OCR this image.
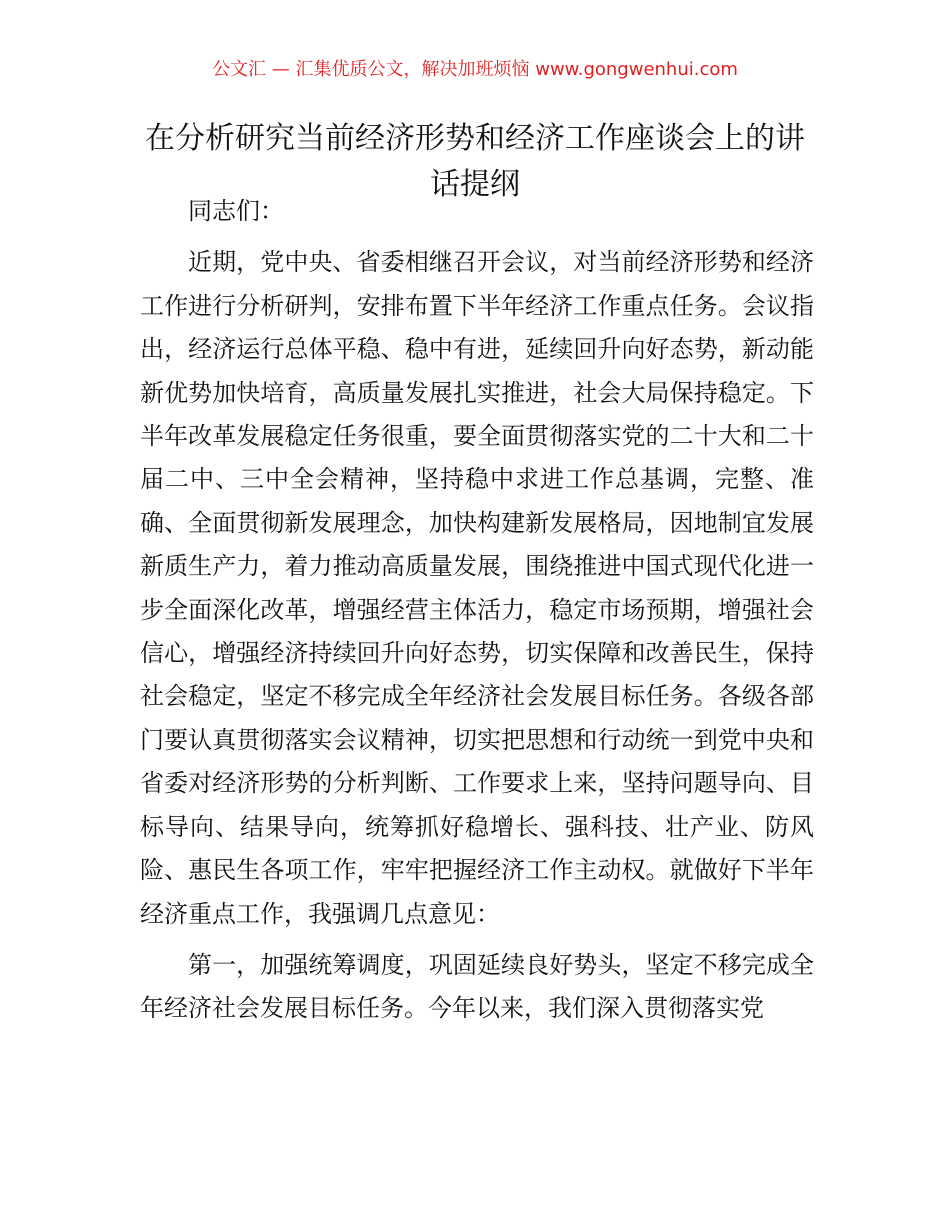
公文汇 — 汇集优质公文，解决加班烦恼 www.gongwenhui.com
在分析研究当前经济形势和经济工作座谈会上的讲话提纲

同志们：

近期，党中央、省委相继召开会议，对当前经济形势和经济工作进行分析研判，安排布置下半年经济工作重点任务。会议指出，经济运行总体平稳、稳中有进，延续回升向好态势，新动能新优势加快培育，高质量发展扎实推进，社会大局保持稳定。下半年改革发展稳定任务很重，要全面贯彻落实党的二十大和二十届二中、三中全会精神，坚持稳中求进工作总基调，完整、准确、全面贯彻新发展理念，加快构建新发展格局，因地制宜发展新质生产力，着力推动高质量发展，围绕推进中国式现代化进一步全面深化改革，增强经营主体活力，稳定市场预期，增强社会信心，增强经济持续回升向好态势，切实保障和改善民生，保持社会稳定，坚定不移完成全年经济社会发展目标任务。各级各部门要认真贯彻落实会议精神，切实把思想和行动统一到党中央和省委对经济形势的分析判断、工作要求上来，坚持问题导向、目标导向、结果导向，统筹抓好稳增长、强科技、壮产业、防风险、惠民生各项工作，牢牢把握经济工作主动权。就做好下半年经济重点工作，我强调几点意见：

第一，加强统筹调度，巩固延续良好势头，坚定不移完成全年经济社会发展目标任务。今年以来，我们深入贯彻落实党
